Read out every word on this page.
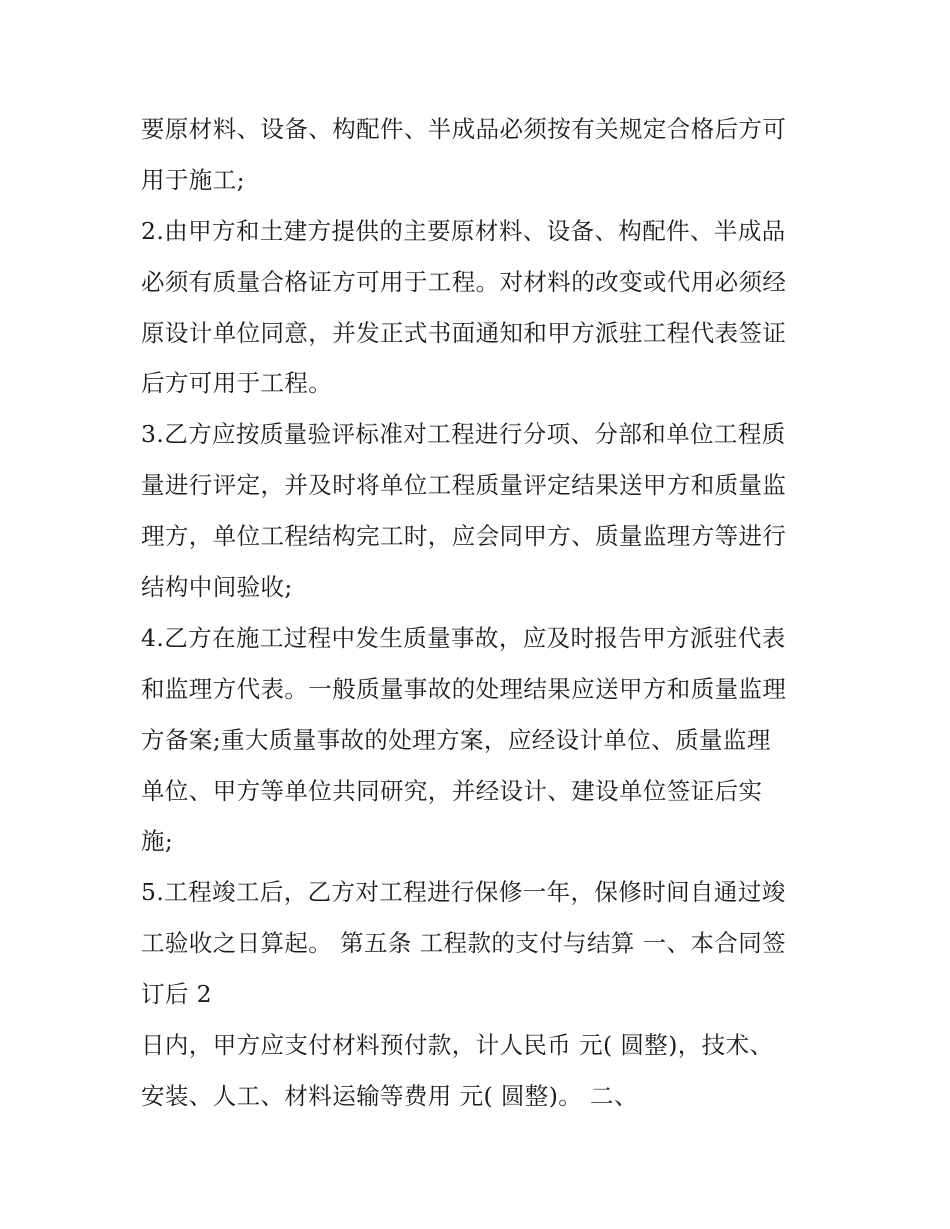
要原材料、设备、构配件、半成品必须按有关规定合格后方可
用于施工;
2.由甲方和土建方提供的主要原材料、设备、构配件、半成品
必须有质量合格证方可用于工程。对材料的改变或代用必须经
原设计单位同意，并发正式书面通知和甲方派驻工程代表签证
后方可用于工程。
3.乙方应按质量验评标准对工程进行分项、分部和单位工程质
量进行评定，并及时将单位工程质量评定结果送甲方和质量监
理方，单位工程结构完工时，应会同甲方、质量监理方等进行
结构中间验收;
4.乙方在施工过程中发生质量事故，应及时报告甲方派驻代表
和监理方代表。一般质量事故的处理结果应送甲方和质量监理
方备案;重大质量事故的处理方案，应经设计单位、质量监理
单位、甲方等单位共同研究，并经设计、建设单位签证后实
施;
5.工程竣工后，乙方对工程进行保修一年，保修时间自通过竣
工验收之日算起。 第五条 工程款的支付与结算 一、本合同签
订后 2
日内，甲方应支付材料预付款，计人民币 元( 圆整)，技术、
安装、人工、材料运输等费用 元( 圆整)。 二、
